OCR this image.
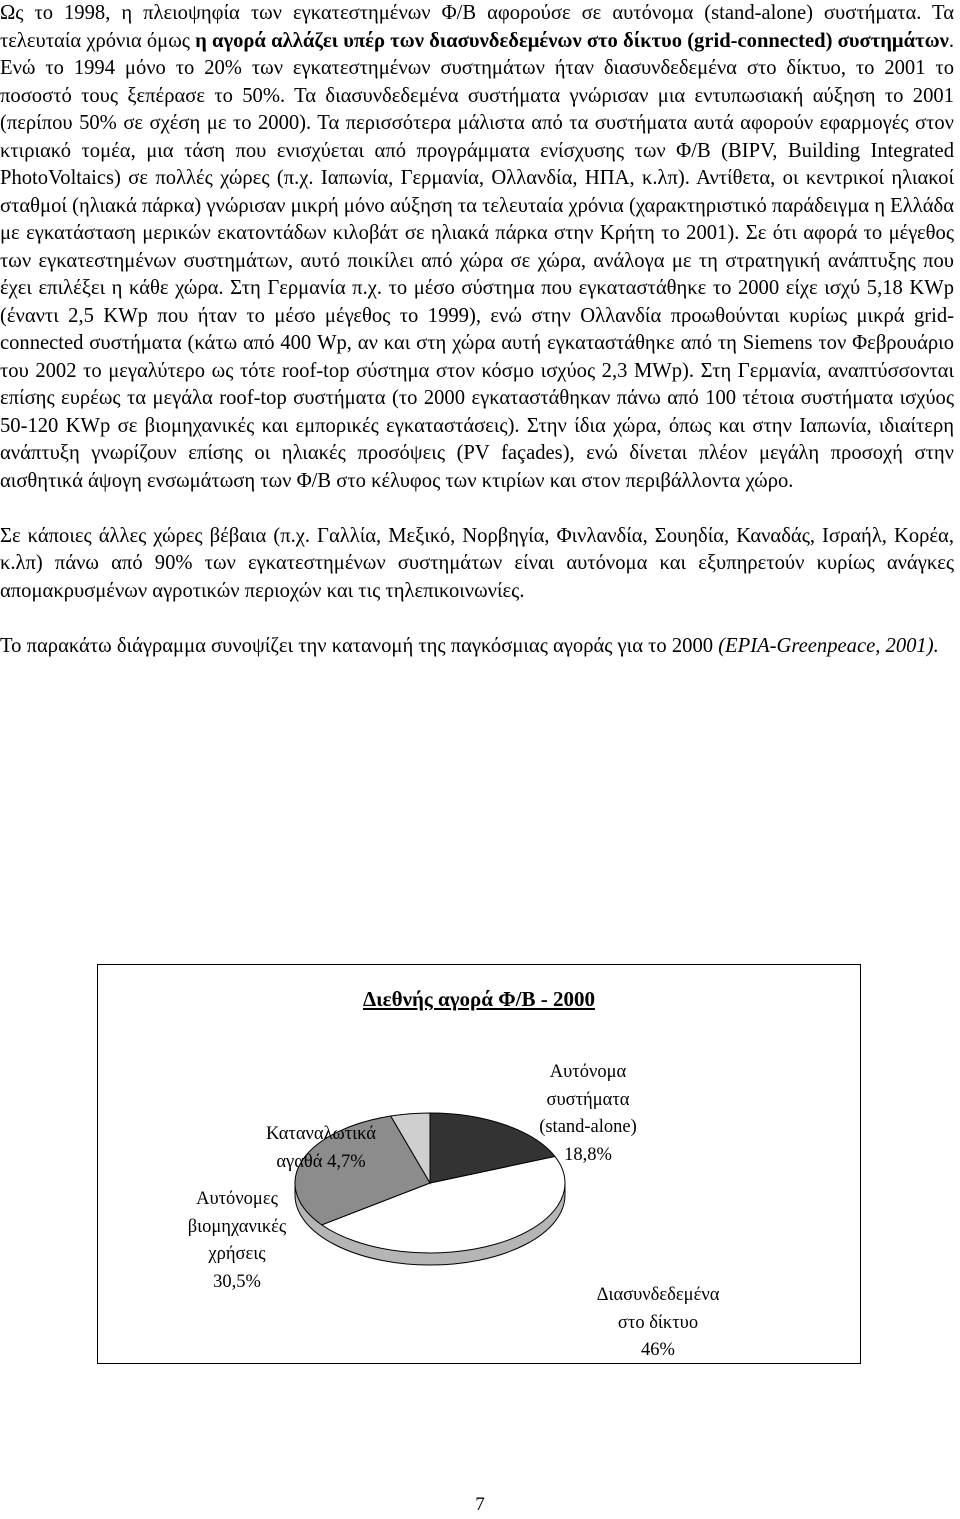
Ως το 1998, η πλειοψηφία των εγκατεστημένων Φ/Β αφορούσε σε αυτόνομα (stand-alone) συστήματα. Τα τελευταία χρόνια όμως η αγορά αλλάζει υπέρ των διασυνδεδεμένων στο δίκτυο (grid-connected) συστημάτων. Ενώ το 1994 μόνο το 20% των εγκατεστημένων συστημάτων ήταν διασυνδεδεμένα στο δίκτυο, το 2001 το ποσοστό τους ξεπέρασε το 50%. Τα διασυνδεδεμένα συστήματα γνώρισαν μια εντυπωσιακή αύξηση το 2001 (περίπου 50% σε σχέση με το 2000). Τα περισσότερα μάλιστα από τα συστήματα αυτά αφορούν εφαρμογές στον κτιριακό τομέα, μια τάση που ενισχύεται από προγράμματα ενίσχυσης των Φ/Β (BIPV, Building Integrated PhotoVoltaics) σε πολλές χώρες (π.χ. Ιαπωνία, Γερμανία, Ολλανδία, ΗΠΑ, κ.λπ). Αντίθετα, οι κεντρικοί ηλιακοί σταθμοί (ηλιακά πάρκα) γνώρισαν μικρή μόνο αύξηση τα τελευταία χρόνια (χαρακτηριστικό παράδειγμα η Ελλάδα με εγκατάσταση μερικών εκατοντάδων κιλοβάτ σε ηλιακά πάρκα στην Κρήτη το 2001). Σε ότι αφορά το μέγεθος των εγκατεστημένων συστημάτων, αυτό ποικίλει από χώρα σε χώρα, ανάλογα με τη στρατηγική ανάπτυξης που έχει επιλέξει η κάθε χώρα. Στη Γερμανία π.χ. το μέσο σύστημα που εγκαταστάθηκε το 2000 είχε ισχύ 5,18 KWp (έναντι 2,5 KWp που ήταν το μέσο μέγεθος το 1999), ενώ στην Ολλανδία προωθούνται κυρίως μικρά grid-connected συστήματα (κάτω από 400 Wp, αν και στη χώρα αυτή εγκαταστάθηκε από τη Siemens τον Φεβρουάριο του 2002 το μεγαλύτερο ως τότε roof-top σύστημα στον κόσμο ισχύος 2,3 MWp). Στη Γερμανία, αναπτύσσονται επίσης ευρέως τα μεγάλα roof-top συστήματα (το 2000 εγκαταστάθηκαν πάνω από 100 τέτοια συστήματα ισχύος 50-120 KWp σε βιομηχανικές και εμπορικές εγκαταστάσεις). Στην ίδια χώρα, όπως και στην Ιαπωνία, ιδιαίτερη ανάπτυξη γνωρίζουν επίσης οι ηλιακές προσόψεις (PV façades), ενώ δίνεται πλέον μεγάλη προσοχή στην αισθητικά άψογη ενσωμάτωση των Φ/Β στο κέλυφος των κτιρίων και στον περιβάλλοντα χώρο.

Σε κάποιες άλλες χώρες βέβαια (π.χ. Γαλλία, Μεξικό, Νορβηγία, Φινλανδία, Σουηδία, Καναδάς, Ισραήλ, Κορέα, κ.λπ) πάνω από 90% των εγκατεστημένων συστημάτων είναι αυτόνομα και εξυπηρετούν κυρίως ανάγκες απομακρυσμένων αγροτικών περιοχών και τις τηλεπικοινωνίες.

Το παρακάτω διάγραμμα συνοψίζει την κατανομή της παγκόσμιας αγοράς για το 2000 (EPIA-Greenpeace, 2001).

Διεθνής αγορά Φ/Β - 2000
Αυτόνομα
συστήματα
(stand-alone)
18,8%
Καταναλωτικά
αγαθά 4,7%
Αυτόνομες
βιομηχανικές
χρήσεις
30,5%
Διασυνδεδεμένα
στο δίκτυο
46%
7
